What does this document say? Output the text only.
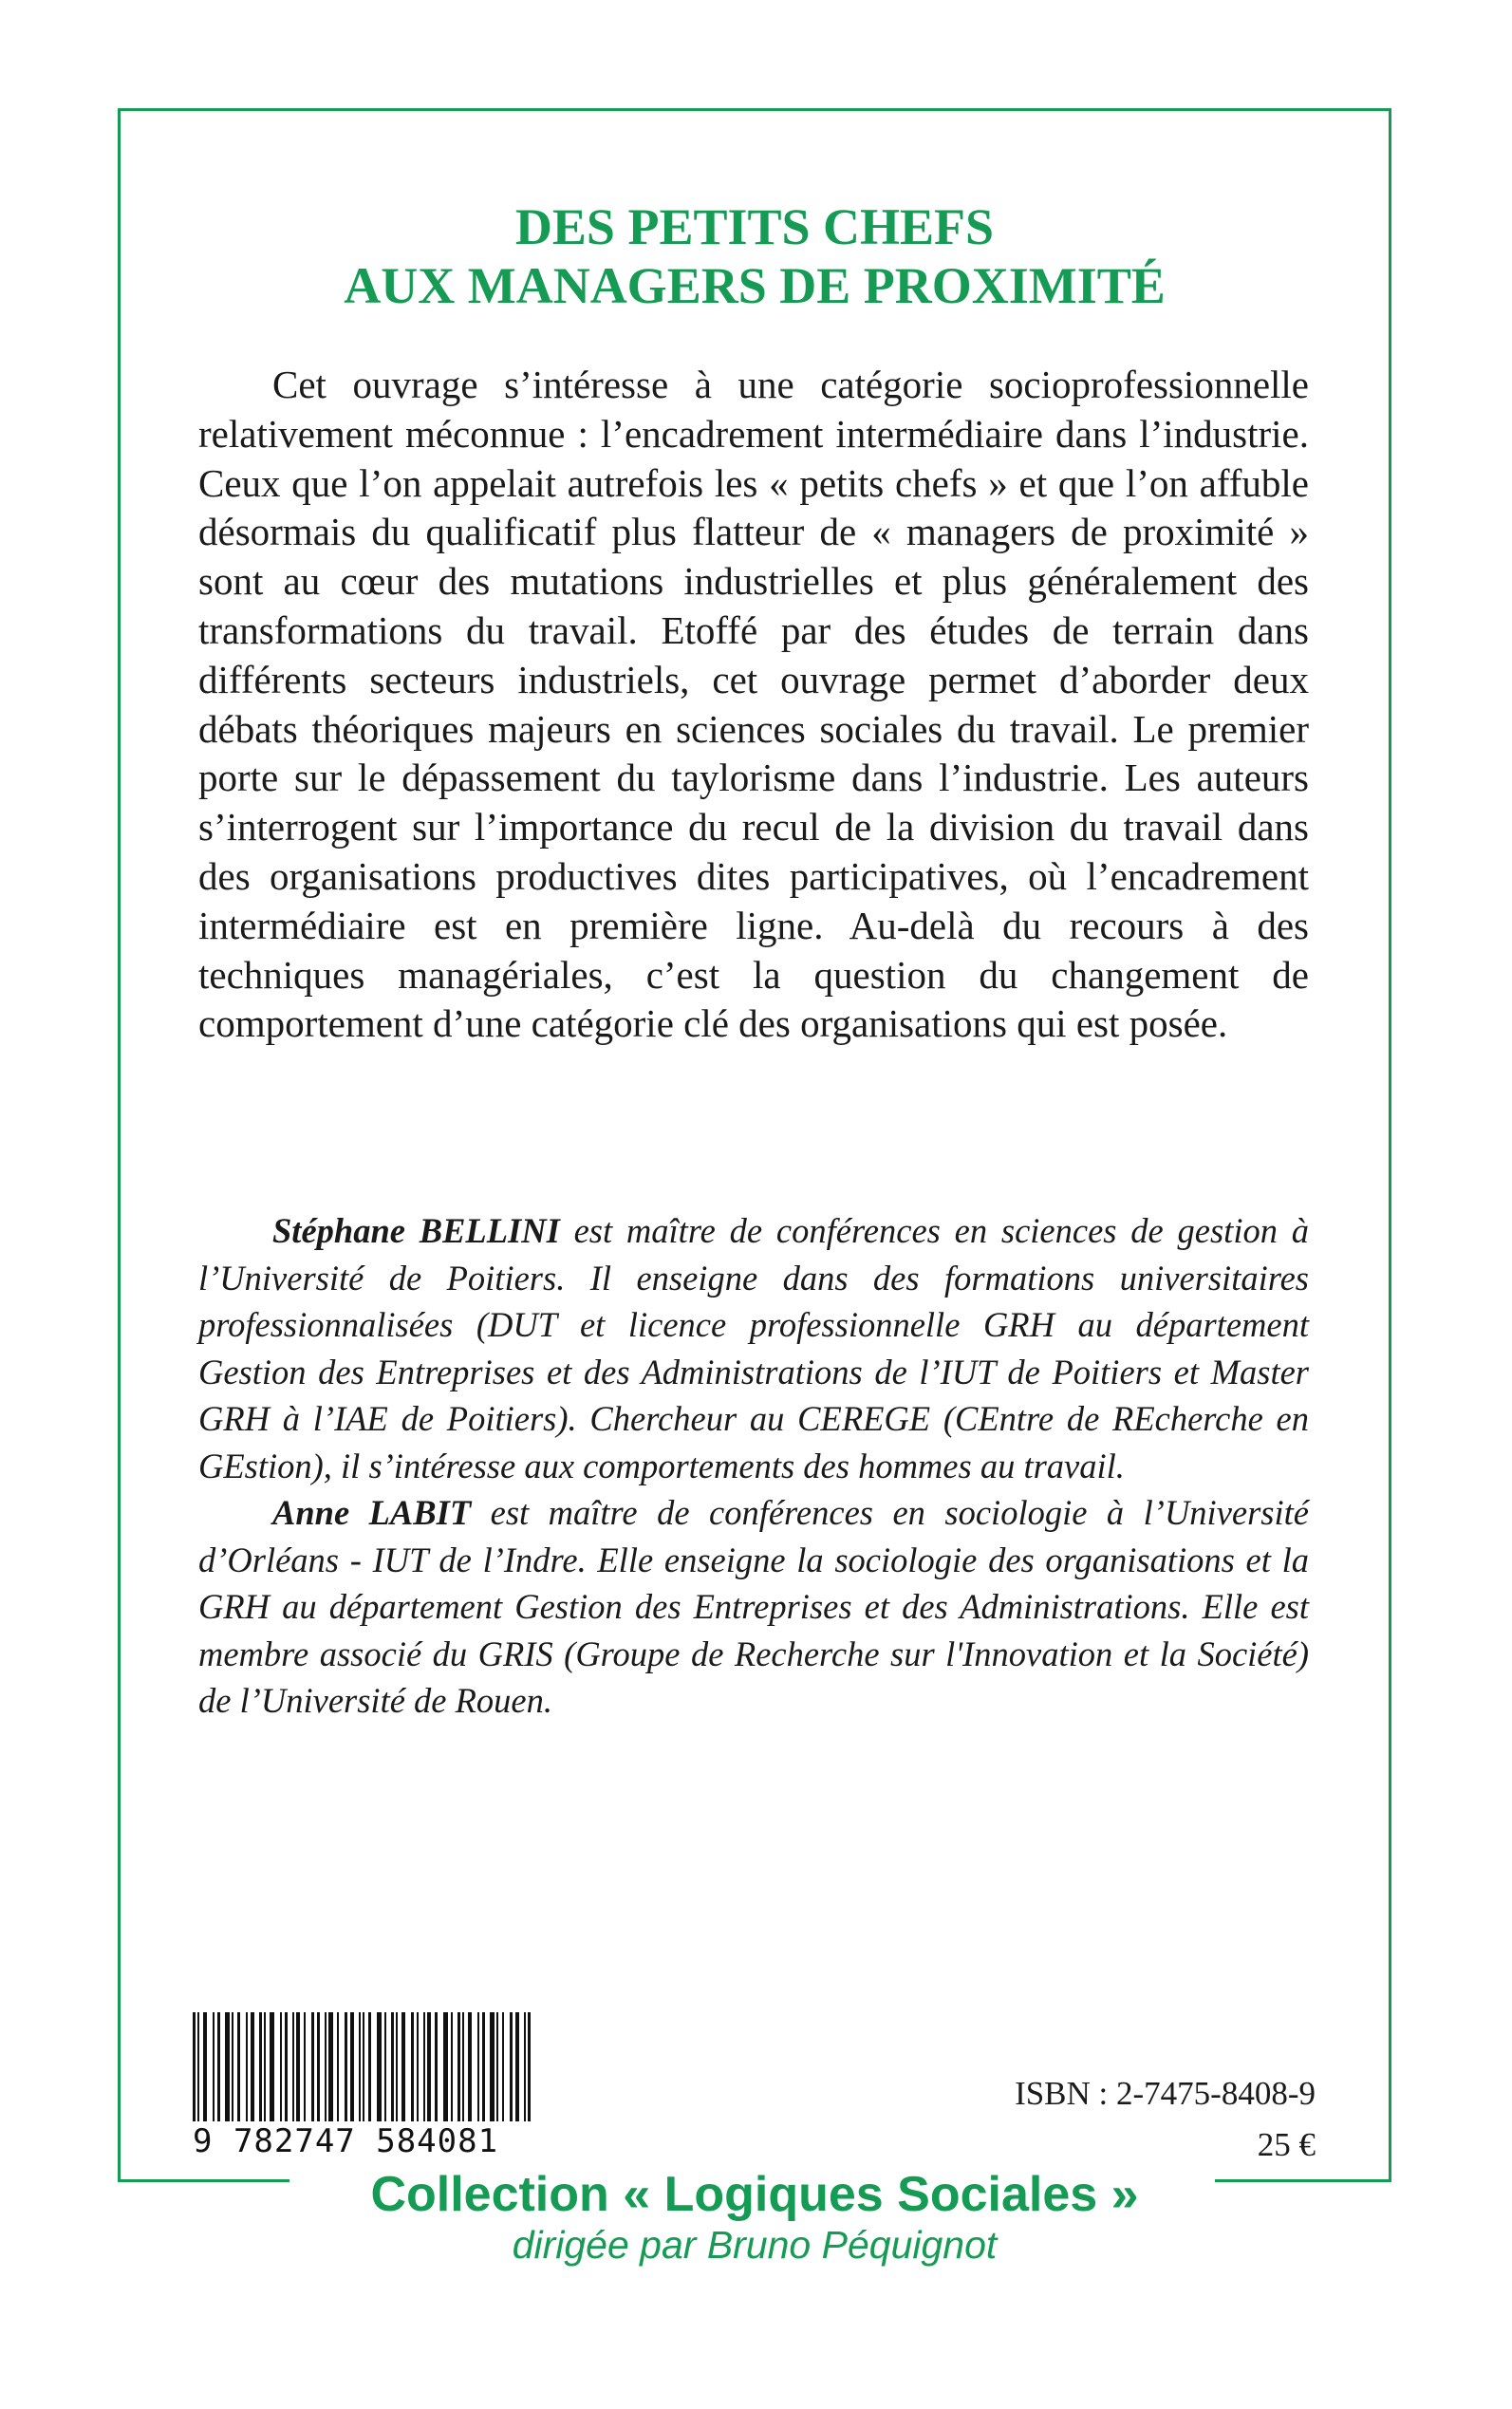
DES PETITS CHEFS
AUX MANAGERS DE PROXIMITÉ

Cet ouvrage s’intéresse à une catégorie socioprofessionnelle relativement méconnue : l’encadrement intermédiaire dans l’industrie. Ceux que l’on appelait autrefois les « petits chefs » et que l’on affuble désormais du qualificatif plus flatteur de « managers de proximité » sont au cœur des mutations industrielles et plus généralement des transformations du travail. Etoffé par des études de terrain dans différents secteurs industriels, cet ouvrage permet d’aborder deux débats théoriques majeurs en sciences sociales du travail. Le premier porte sur le dépassement du taylorisme dans l’industrie. Les auteurs s’interrogent sur l’importance du recul de la division du travail dans des organisations productives dites participatives, où l’encadrement intermédiaire est en première ligne. Au-delà du recours à des techniques managériales, c’est la question du changement de comportement d’une catégorie clé des organisations qui est posée.

Stéphane BELLINI est maître de conférences en sciences de gestion à l’Université de Poitiers. Il enseigne dans des formations universitaires professionnalisées (DUT et licence professionnelle GRH au département Gestion des Entreprises et des Administrations de l’IUT de Poitiers et Master GRH à l’IAE de Poitiers). Chercheur au CEREGE (CEntre de REcherche en GEstion), il s’intéresse aux comportements des hommes au travail.

Anne LABIT est maître de conférences en sociologie à l’Université d’Orléans - IUT de l’Indre. Elle enseigne la sociologie des organisations et la GRH au département Gestion des Entreprises et des Administrations. Elle est membre associé du GRIS (Groupe de Recherche sur l'Innovation et la Société) de l’Université de Rouen.

9 782747 584081
ISBN : 2-7475-8408-9
25 €
Collection « Logiques Sociales »
dirigée par Bruno Péquignot
